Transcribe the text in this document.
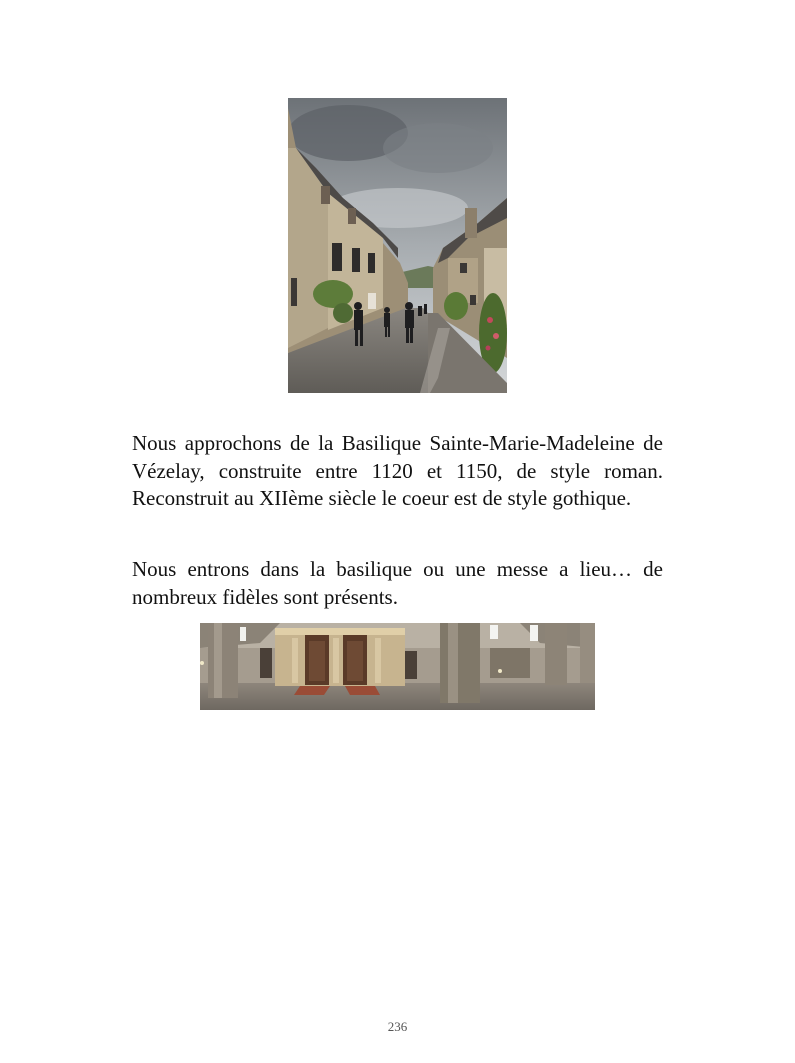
Nous approchons de la Basilique Sainte-Marie-Madeleine de Vézelay, construite entre 1120 et 1150, de style roman. Reconstruit au XIIème siècle le coeur est de style gothique.

Nous entrons dans la basilique ou une messe a lieu… de nombreux fidèles sont présents.

236
